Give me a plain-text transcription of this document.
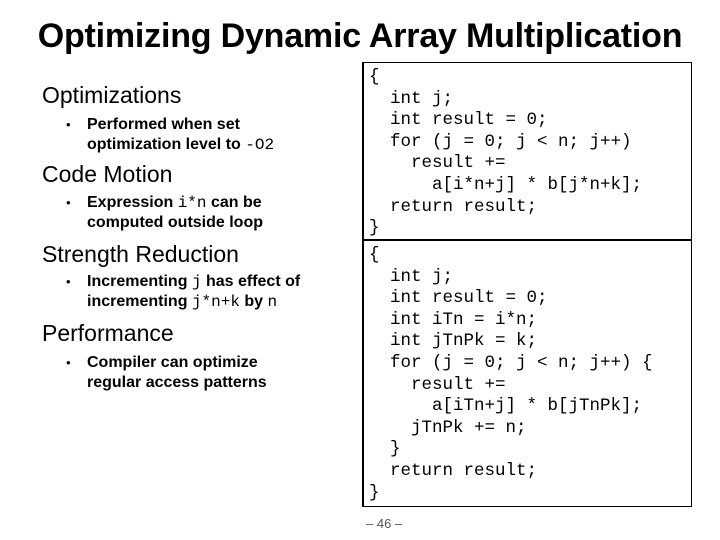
Optimizing Dynamic Array Multiplication
Optimizations
• Performed when set
optimization level to -O2
Code Motion
• Expression i*n can be
computed outside loop
Strength Reduction
• Incrementing j has effect of
incrementing j*n+k by n
Performance
• Compiler can optimize
regular access patterns
{
int j;
int result = 0;
for (j = 0; j < n; j++)
result +=
a[i*n+j] * b[j*n+k];
return result;
}
{
int j;
int result = 0;
int iTn = i*n;
int jTnPk = k;
for (j = 0; j < n; j++) {
result +=
a[iTn+j] * b[jTnPk];
jTnPk += n;
}
return result;
}
– 46 –
